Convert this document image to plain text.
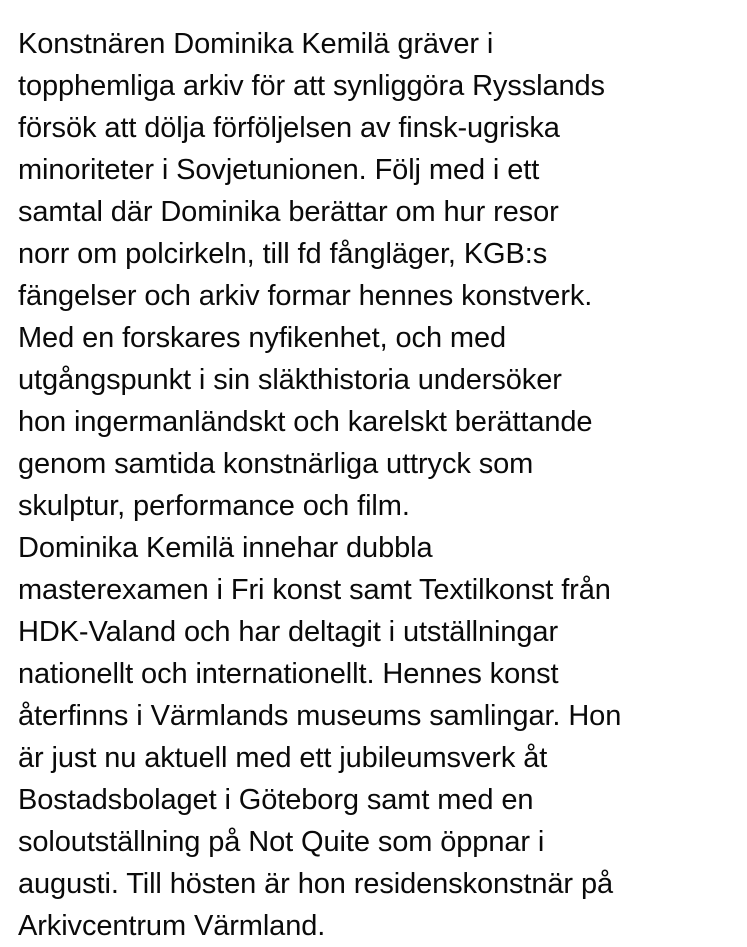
Konstnären Dominika Kemilä gräver i
topphemliga arkiv för att synliggöra Rysslands
försök att dölja förföljelsen av finsk-ugriska
minoriteter i Sovjetunionen. Följ med i ett
samtal där Dominika berättar om hur resor
norr om polcirkeln, till fd fångläger, KGB:s
fängelser och arkiv formar hennes konstverk.
Med en forskares nyfikenhet, och med
utgångspunkt i sin släkthistoria undersöker
hon ingermanländskt och karelskt berättande
genom samtida konstnärliga uttryck som
skulptur, performance och film.
Dominika Kemilä innehar dubbla
masterexamen i Fri konst samt Textilkonst från
HDK-Valand och har deltagit i utställningar
nationellt och internationellt. Hennes konst
återfinns i Värmlands museums samlingar. Hon
är just nu aktuell med ett jubileumsverk åt
Bostadsbolaget i Göteborg samt med en
soloutställning på Not Quite som öppnar i
augusti. Till hösten är hon residenskonstnär på
Arkivcentrum Värmland.
